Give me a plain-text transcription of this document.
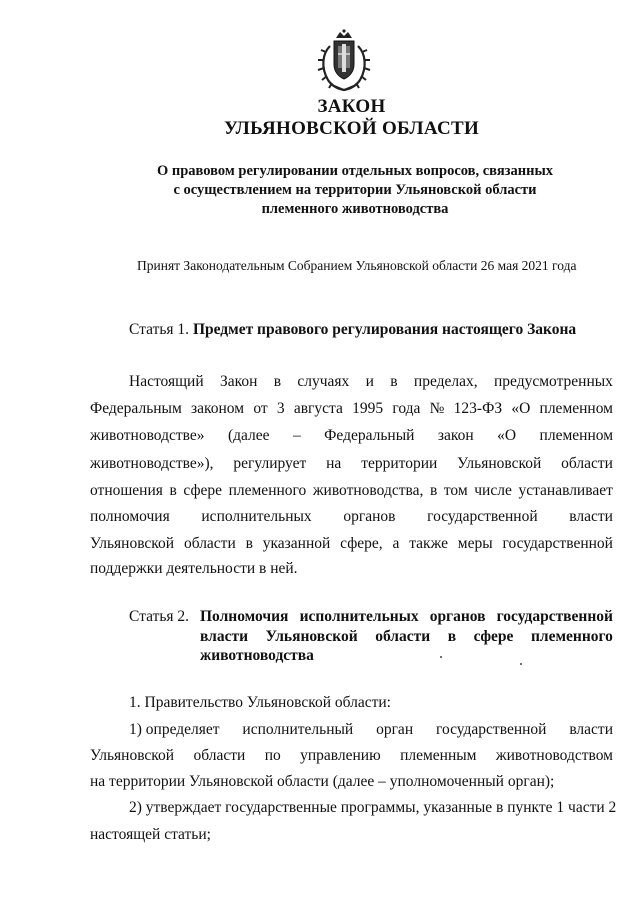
ЗАКОН
УЛЬЯНОВСКОЙ ОБЛАСТИ
О правовом регулировании отдельных вопросов, связанных
с осуществлением на территории Ульяновской области
племенного животноводства
Принят Законодательным Собранием Ульяновской области 26 мая 2021 года
Статья 1. Предмет правового регулирования настоящего Закона
Настоящий Закон в случаях и в пределах, предусмотренных
Федеральным законом от 3 августа 1995 года № 123-ФЗ «О племенном
животноводстве» (далее – Федеральный закон «О племенном
животноводстве»), регулирует на территории Ульяновской области
отношения в сфере племенного животноводства, в том числе устанавливает
полномочия исполнительных органов государственной власти
Ульяновской области в указанной сфере, а также меры государственной
поддержки деятельности в ней.
Статья 2. Полномочия исполнительных органов государственной
власти Ульяновской области в сфере племенного
животноводства
1. Правительство Ульяновской области:
1) определяет исполнительный орган государственной власти
Ульяновской области по управлению племенным животноводством
на территории Ульяновской области (далее – уполномоченный орган);
2) утверждает государственные программы, указанные в пункте 1 части 2
настоящей статьи;
